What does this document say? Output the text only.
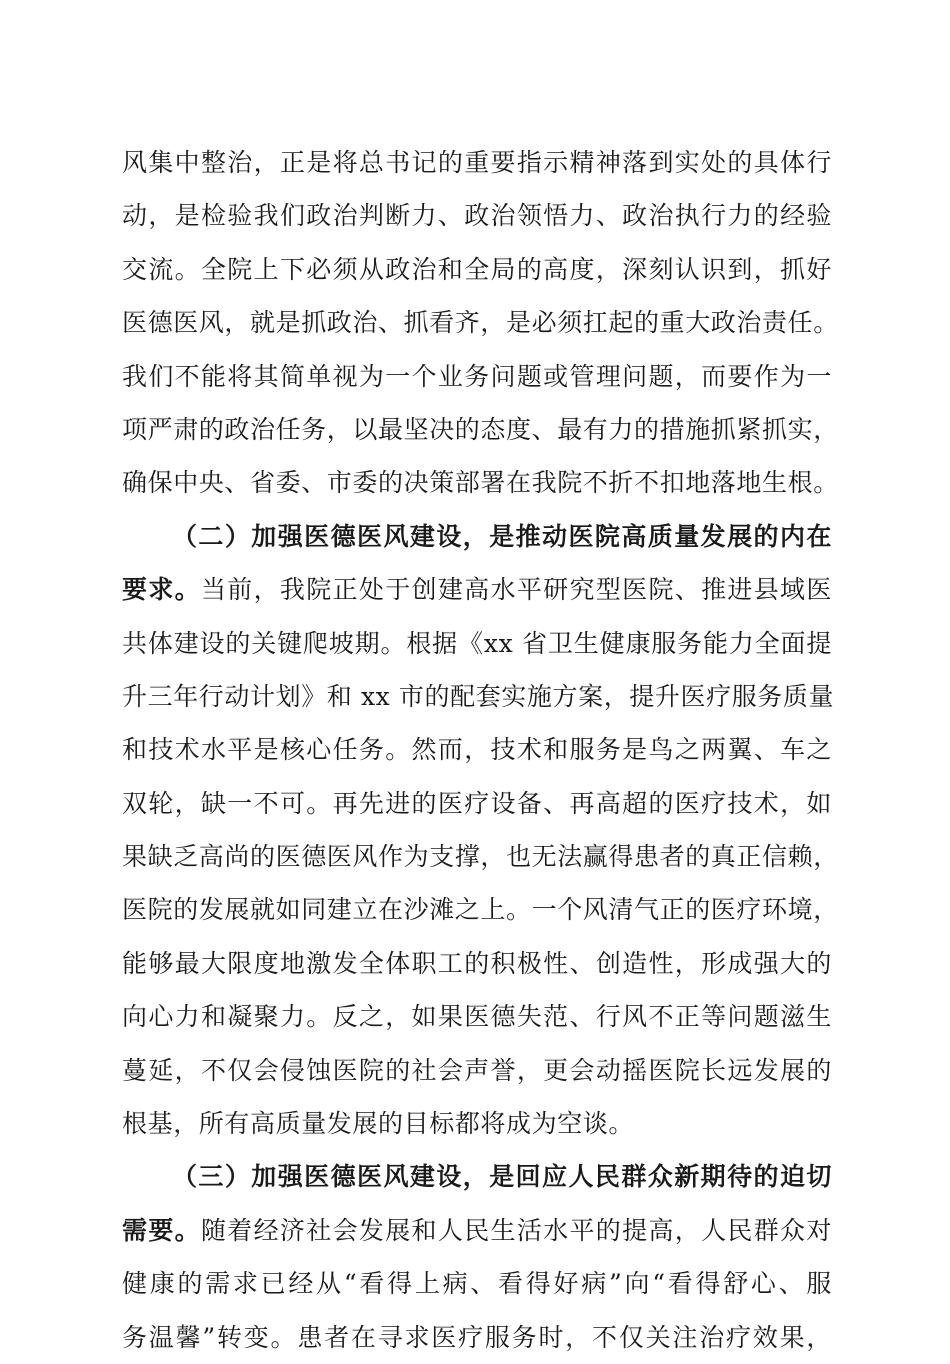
风集中整治，正是将总书记的重要指示精神落到实处的具体行
动，是检验我们政治判断力、政治领悟力、政治执行力的经验
交流。全院上下必须从政治和全局的高度，深刻认识到，抓好
医德医风，就是抓政治、抓看齐，是必须扛起的重大政治责任。
我们不能将其简单视为一个业务问题或管理问题，而要作为一
项严肃的政治任务，以最坚决的态度、最有力的措施抓紧抓实，
确保中央、省委、市委的决策部署在我院不折不扣地落地生根。
（二）加强医德医风建设，是推动医院高质量发展的内在
要求。当前，我院正处于创建高水平研究型医院、推进县域医
共体建设的关键爬坡期。根据《xx 省卫生健康服务能力全面提
升三年行动计划》和 xx 市的配套实施方案，提升医疗服务质量
和技术水平是核心任务。然而，技术和服务是鸟之两翼、车之
双轮，缺一不可。再先进的医疗设备、再高超的医疗技术，如
果缺乏高尚的医德医风作为支撑，也无法赢得患者的真正信赖，
医院的发展就如同建立在沙滩之上。一个风清气正的医疗环境，
能够最大限度地激发全体职工的积极性、创造性，形成强大的
向心力和凝聚力。反之，如果医德失范、行风不正等问题滋生
蔓延，不仅会侵蚀医院的社会声誉，更会动摇医院长远发展的
根基，所有高质量发展的目标都将成为空谈。
（三）加强医德医风建设，是回应人民群众新期待的迫切
需要。随着经济社会发展和人民生活水平的提高，人民群众对
健康的需求已经从“看得上病、看得好病”向“看得舒心、服
务温馨”转变。患者在寻求医疗服务时，不仅关注治疗效果，
